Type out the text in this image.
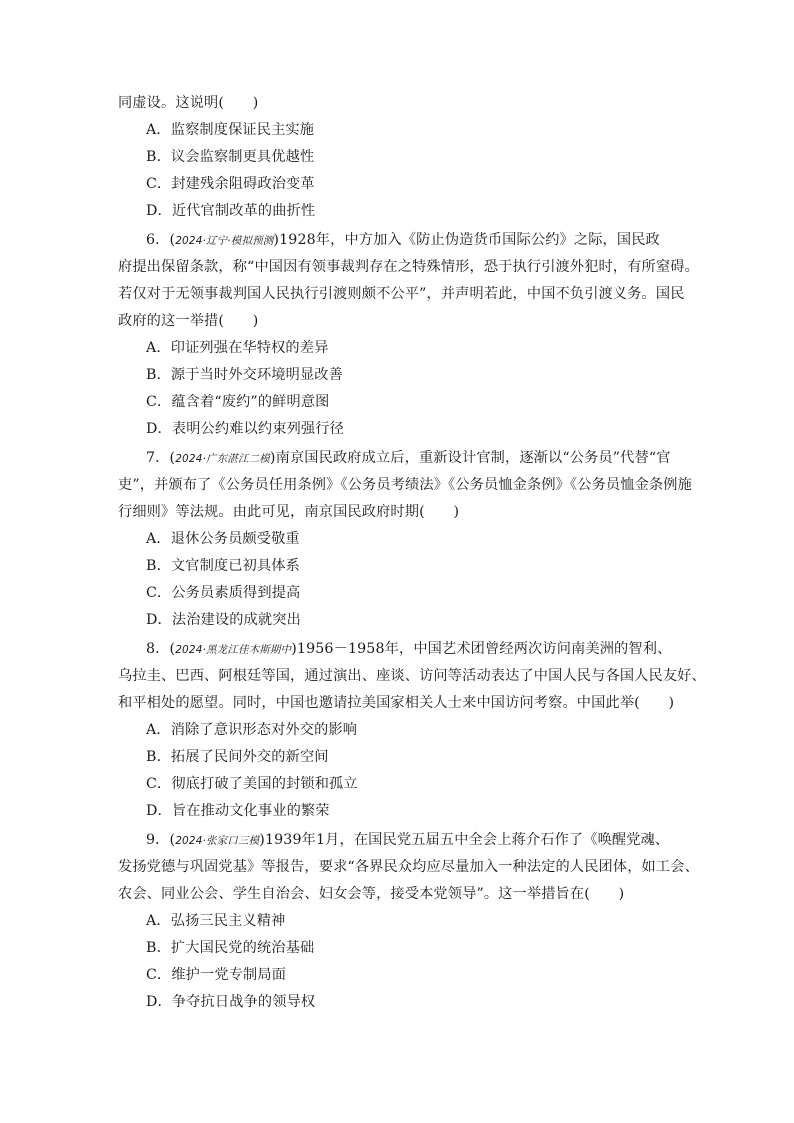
同虚设。这说明(　　)
A．监察制度保证民主实施
B．议会监察制更具优越性
C．封建残余阻碍政治变革
D．近代官制改革的曲折性
6．(2024·辽宁·模拟预测)1928年，中方加入《防止伪造货币国际公约》之际，国民政
府提出保留条款，称“中国因有领事裁判存在之特殊情形，恐于执行引渡外犯时，有所窒碍。
若仅对于无领事裁判国人民执行引渡则颇不公平”，并声明若此，中国不负引渡义务。国民
政府的这一举措(　　)
A．印证列强在华特权的差异
B．源于当时外交环境明显改善
C．蕴含着“废约”的鲜明意图
D．表明公约难以约束列强行径
7．(2024·广东湛江二模)南京国民政府成立后，重新设计官制，逐渐以“公务员”代替“官
吏”，并颁布了《公务员任用条例》《公务员考绩法》《公务员恤金条例》《公务员恤金条例施
行细则》等法规。由此可见，南京国民政府时期(　　)
A．退休公务员颇受敬重
B．文官制度已初具体系
C．公务员素质得到提高
D．法治建设的成就突出
8．(2024·黑龙江佳木斯期中)1956－1958年，中国艺术团曾经两次访问南美洲的智利、
乌拉圭、巴西、阿根廷等国，通过演出、座谈、访问等活动表达了中国人民与各国人民友好、
和平相处的愿望。同时，中国也邀请拉美国家相关人士来中国访问考察。中国此举(　　)
A．消除了意识形态对外交的影响
B．拓展了民间外交的新空间
C．彻底打破了美国的封锁和孤立
D．旨在推动文化事业的繁荣
9．(2024·张家口三模)1939年1月，在国民党五届五中全会上蒋介石作了《唤醒党魂、
发扬党德与巩固党基》等报告，要求“各界民众均应尽量加入一种法定的人民团体，如工会、
农会、同业公会、学生自治会、妇女会等，接受本党领导”。这一举措旨在(　　)
A．弘扬三民主义精神
B．扩大国民党的统治基础
C．维护一党专制局面
D．争夺抗日战争的领导权
